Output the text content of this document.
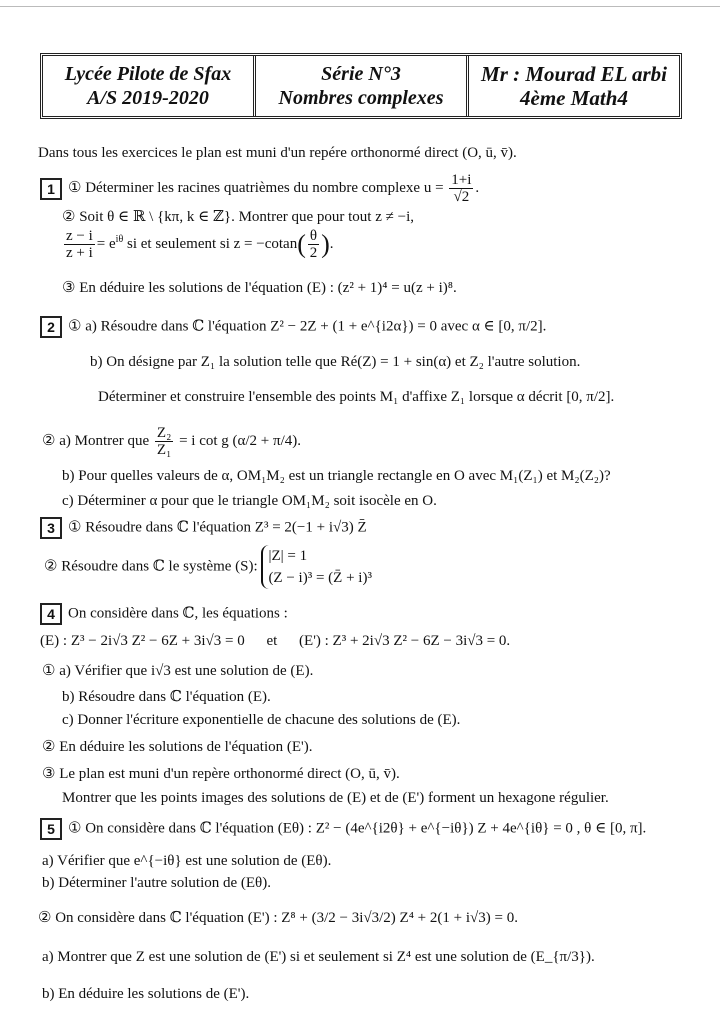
Lycée Pilote de Sfax
A/S 2019-2020
Série N°3
Nombres complexes
Mr : Mourad EL arbi
4ème Math4
Dans tous les exercices le plan est muni d'un repére orthonormé direct (O, ū, v̄).
1 ① Déterminer les racines quatrièmes du nombre complexe $u = \frac{1+i}{√2}$ .
② Soit θ ∈ ℝ \ {kπ, k ∈ ℤ}. Montrer que pour tout z ≠ −i,
$\frac{z - i}{z + i} = e^{i\theta}$ si et seulement si $z = -cotan( \frac{\theta}{2}$ ).
③ En déduire les solutions de l'équation (E) : (z² + 1)⁴ = u(z + i)⁸.
2 ① a) Résoudre dans ℂ l'équation Z² − 2Z + (1 + e^{i2α}) = 0 avec α ∈ [0, π/2].
b) On désigne par Z₁ la solution telle que Ré(Z) = 1 + sin(α) et Z₂ l'autre solution.
Déterminer et construire l'ensemble des points M₁ d'affixe Z₁ lorsque α décrit [0, π/2].
② a) Montrer que $\frac{\text{Z₂}}{\text{Z₁}} = i$ cot g (α/2 + π/4).
b) Pour quelles valeurs de α, OM₁M₂ est un triangle rectangle en O avec M₁(Z₁) et M₂(Z₂)?
c) Déterminer α pour que le triangle OM₁M₂ soit isocèle en O.
3 ① Résoudre dans ℂ l'équation Z³ = 2(−1 + i√3) Z̄
② Résoudre dans ℂ le système (S):
|Z| = 1
(Z − i)³ = (Z̄ + i)³
4 On considère dans ℂ, les équations :
(E) : Z³ − 2i√3 Z² − 6Z + 3i√3 = 0 et (E') : Z³ + 2i√3 Z² − 6Z − 3i√3 = 0.
① a) Vérifier que i√3 est une solution de (E).
b) Résoudre dans ℂ l'équation (E).
c) Donner l'écriture exponentielle de chacune des solutions de (E).
② En déduire les solutions de l'équation (E').
③ Le plan est muni d'un repère orthonormé direct (O, ū, v̄).
Montrer que les points images des solutions de (E) et de (E') forment un hexagone régulier.
5 ① On considère dans ℂ l'équation (Eθ) : Z² − (4e^{i2θ} + e^{−iθ}) Z + 4e^{iθ} = 0 , θ ∈ [0, π].
a) Vérifier que e^{−iθ} est une solution de (Eθ).
b) Déterminer l'autre solution de (Eθ).
② On considère dans ℂ l'équation (E') : Z⁸ + (3/2 − 3i√3/2) Z⁴ + 2(1 + i√3) = 0.
a) Montrer que Z est une solution de (E') si et seulement si Z⁴ est une solution de (E_{π/3}).
b) En déduire les solutions de (E').
